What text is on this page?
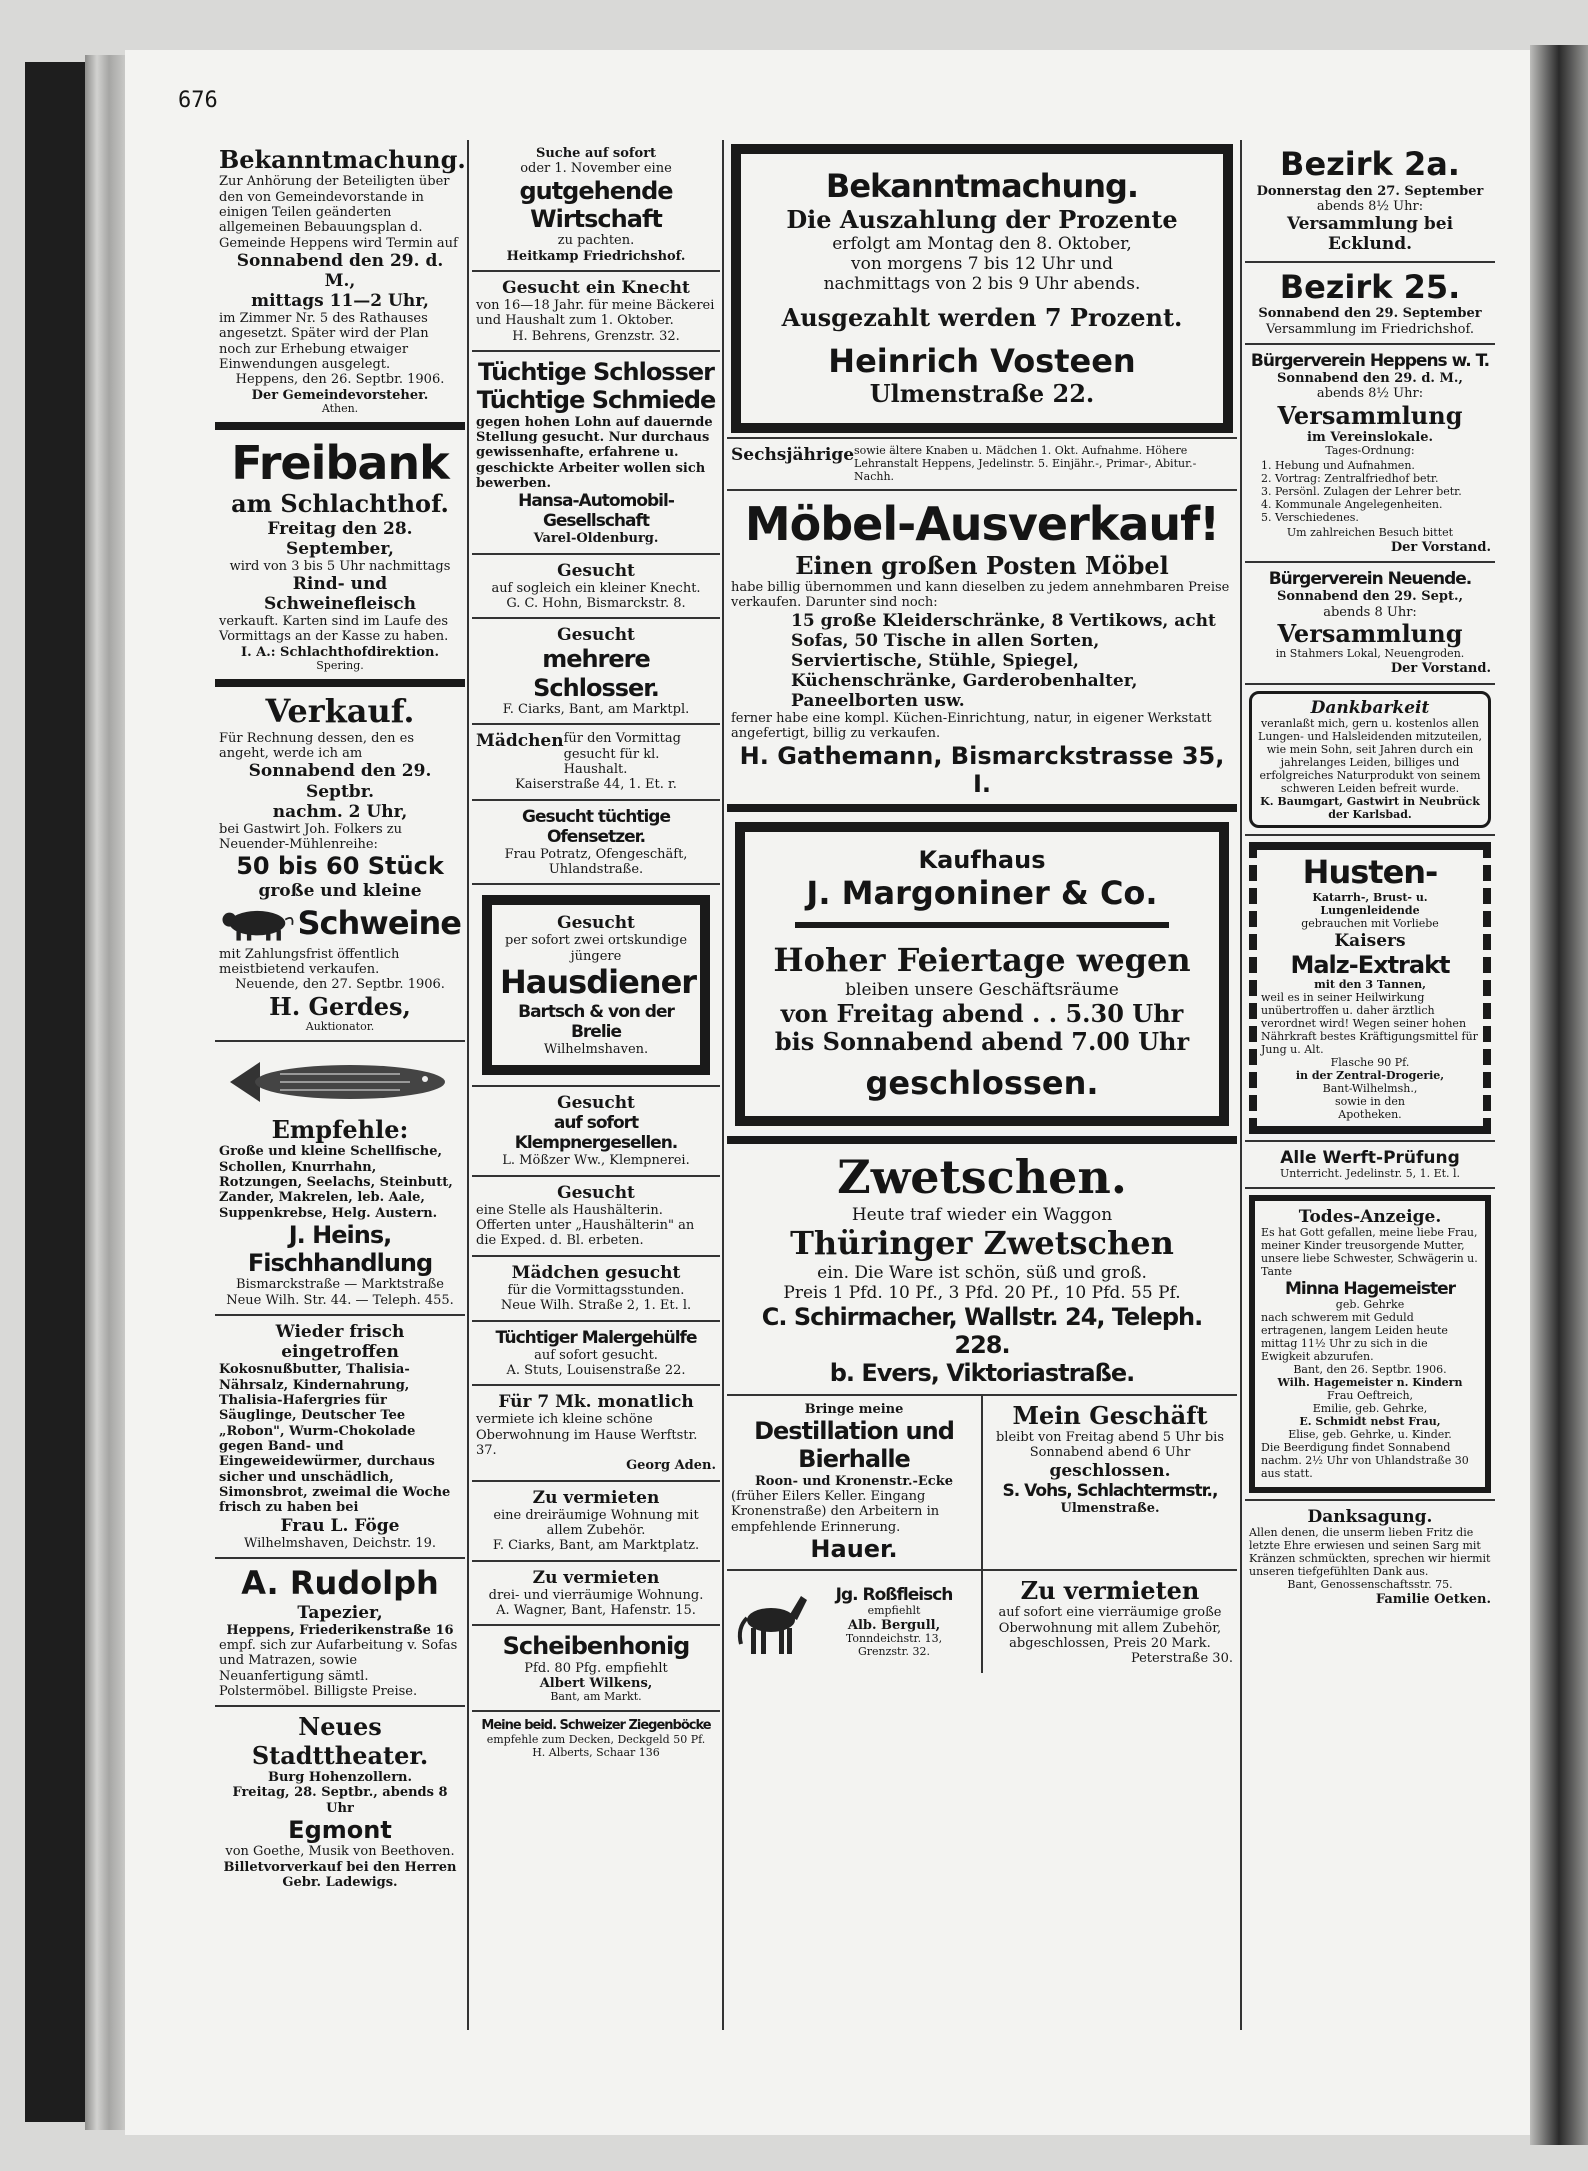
676
Bekanntmachung.
Zur Anhörung der Beteiligten über den von Gemeindevorstande in einigen Teilen geänderten allgemeinen Bebauungsplan d. Gemeinde Heppens wird Termin auf
Sonnabend den 29. d. M.,
mittags 11—2 Uhr,
im Zimmer Nr. 5 des Rathauses angesetzt. Später wird der Plan noch zur Erhebung etwaiger Einwendungen ausgelegt.
Heppens, den 26. Septbr. 1906.
Der Gemeindevorsteher.
Athen.
Freibank
am Schlachthof.
Freitag den 28. September,
wird von 3 bis 5 Uhr nachmittags
Rind- und Schweinefleisch
verkauft. Karten sind im Laufe des Vormittags an der Kasse zu haben.
I. A.: Schlachthofdirektion.
Spering.
Verkauf.
Für Rechnung dessen, den es angeht, werde ich am
Sonnabend den 29. Septbr.
nachm. 2 Uhr,
bei Gastwirt Joh. Folkers zu Neuender-Mühlenreihe:
50 bis 60 Stück
große und kleine
Schweine
mit Zahlungsfrist öffentlich meistbietend verkaufen.
Neuende, den 27. Septbr. 1906.
H. Gerdes,
Auktionator.
Empfehle:
Große und kleine Schellfische, Schollen, Knurrhahn, Rotzungen, Seelachs, Steinbutt, Zander, Makrelen, leb. Aale, Suppenkrebse, Helg. Austern.
J. Heins, Fischhandlung
Bismarckstraße — Marktstraße
Neue Wilh. Str. 44. — Teleph. 455.
Wieder frisch eingetroffen
Kokosnußbutter, Thalisia-Nährsalz, Kindernahrung, Thalisia-Hafergries für Säuglinge, Deutscher Tee „Robon", Wurm-Chokolade gegen Band- und Eingeweidewürmer, durchaus sicher und unschädlich, Simonsbrot, zweimal die Woche frisch zu haben bei
Frau L. Föge
Wilhelmshaven, Deichstr. 19.
A. Rudolph
Tapezier,
Heppens, Friederikenstraße 16
empf. sich zur Aufarbeitung v. Sofas und Matrazen, sowie Neuanfertigung sämtl. Polstermöbel. Billigste Preise.
Neues Stadttheater.
Burg Hohenzollern.
Freitag, 28. Septbr., abends 8 Uhr
Egmont
von Goethe, Musik von Beethoven.
Billetvorverkauf bei den Herren
Gebr. Ladewigs.
Suche auf sofort
oder 1. November eine
gutgehende Wirtschaft
zu pachten.
Heitkamp Friedrichshof.
Gesucht ein Knecht
von 16—18 Jahr. für meine Bäckerei und Haushalt zum 1. Oktober.
H. Behrens, Grenzstr. 32.
Tüchtige Schlosser
Tüchtige Schmiede
gegen hohen Lohn auf dauernde Stellung gesucht. Nur durchaus gewissenhafte, erfahrene u. geschickte Arbeiter wollen sich bewerben.
Hansa-Automobil-Gesellschaft
Varel-Oldenburg.
Gesucht
auf sogleich ein kleiner Knecht.
G. C. Hohn, Bismarckstr. 8.
Gesucht
mehrere Schlosser.
F. Ciarks, Bant, am Marktpl.
Mädchen für den Vormittag gesucht für kl. Haushalt.
Kaiserstraße 44, 1. Et. r.
Gesucht tüchtige Ofensetzer.
Frau Potratz, Ofengeschäft, Uhlandstraße.
Gesucht
per sofort zwei ortskundige jüngere
Hausdiener
Bartsch & von der Brelie
Wilhelmshaven.
Gesucht
auf sofort Klempnergesellen.
L. Mößzer Ww., Klempnerei.
Gesucht
eine Stelle als Haushälterin. Offerten unter „Haushälterin" an die Exped. d. Bl. erbeten.
Mädchen gesucht
für die Vormittagsstunden.
Neue Wilh. Straße 2, 1. Et. l.
Tüchtiger Malergehülfe
auf sofort gesucht.
A. Stuts, Louisenstraße 22.
Für 7 Mk. monatlich
vermiete ich kleine schöne Oberwohnung im Hause Werftstr. 37.
Georg Aden.
Zu vermieten
eine dreiräumige Wohnung mit allem Zubehör.
F. Ciarks, Bant, am Marktplatz.
Zu vermieten
drei- und vierräumige Wohnung.
A. Wagner, Bant, Hafenstr. 15.
Scheibenhonig
Pfd. 80 Pfg. empfiehlt
Albert Wilkens,
Bant, am Markt.
Meine beid. Schweizer Ziegenböcke
empfehle zum Decken, Deckgeld 50 Pf.
H. Alberts, Schaar 136
Bekanntmachung.
Die Auszahlung der Prozente
erfolgt am Montag den 8. Oktober,
von morgens 7 bis 12 Uhr und
nachmittags von 2 bis 9 Uhr abends.
Ausgezahlt werden 7 Prozent.
Heinrich Vosteen
Ulmenstraße 22.
Sechsjährige sowie ältere Knaben u. Mädchen 1. Okt. Aufnahme. Höhere Lehranstalt Heppens, Jedelinstr. 5. Einjähr.-, Primar-, Abitur.-Nachh.
Möbel-Ausverkauf!
Einen großen Posten Möbel
habe billig übernommen und kann dieselben zu jedem annehmbaren Preise verkaufen. Darunter sind noch:
15 große Kleiderschränke, 8 Vertikows, acht Sofas, 50 Tische in allen Sorten, Serviertische, Stühle, Spiegel, Küchenschränke, Garderobenhalter, Paneelborten usw.
ferner habe eine kompl. Küchen-Einrichtung, natur, in eigener Werkstatt angefertigt, billig zu verkaufen.
H. Gathemann, Bismarckstrasse 35, I.
Kaufhaus
J. Margoniner & Co.
Hoher Feiertage wegen
bleiben unsere Geschäftsräume
von Freitag abend . . 5.30 Uhr
bis Sonnabend abend 7.00 Uhr
geschlossen.
Zwetschen.
Heute traf wieder ein Waggon
Thüringer Zwetschen
ein. Die Ware ist schön, süß und groß.
Preis 1 Pfd. 10 Pf., 3 Pfd. 20 Pf., 10 Pfd. 55 Pf.
C. Schirmacher, Wallstr. 24, Teleph. 228.
b. Evers, Viktoriastraße.
Bringe meine
Destillation und Bierhalle
Roon- und Kronenstr.-Ecke
(früher Eilers Keller. Eingang Kronenstraße) den Arbeitern in empfehlende Erinnerung.
Hauer.
Mein Geschäft
bleibt von Freitag abend 5 Uhr bis Sonnabend abend 6 Uhr
geschlossen.
S. Vohs, Schlachtermstr.,
Ulmenstraße.
Jg. Roßfleisch
empfiehlt
Alb. Bergull,
Tonndeichstr. 13,
Grenzstr. 32.
Zu vermieten
auf sofort eine vierräumige große Oberwohnung mit allem Zubehör, abgeschlossen, Preis 20 Mark.
Peterstraße 30.
Bezirk 2a.
Donnerstag den 27. September
abends 8½ Uhr:
Versammlung bei Ecklund.
Bezirk 25.
Sonnabend den 29. September
Versammlung im Friedrichshof.
Bürgerverein Heppens w. T.
Sonnabend den 29. d. M.,
abends 8½ Uhr:
Versammlung
im Vereinslokale.
Tages-Ordnung:
1. Hebung und Aufnahmen.
2. Vortrag: Zentralfriedhof betr.
3. Persönl. Zulagen der Lehrer betr.
4. Kommunale Angelegenheiten.
5. Verschiedenes.
Um zahlreichen Besuch bittet
Der Vorstand.
Bürgerverein Neuende.
Sonnabend den 29. Sept.,
abends 8 Uhr:
Versammlung
in Stahmers Lokal, Neuengroden.
Der Vorstand.
Dankbarkeit
veranlaßt mich, gern u. kostenlos allen Lungen- und Halsleidenden mitzuteilen, wie mein Sohn, seit Jahren durch ein jahrelanges Leiden, billiges und erfolgreiches Naturprodukt von seinem schweren Leiden befreit wurde.
K. Baumgart, Gastwirt in Neubrück der Karlsbad.
Husten-
Katarrh-, Brust- u. Lungenleidende
gebrauchen mit Vorliebe
Kaisers
Malz-Extrakt
mit den 3 Tannen,
weil es in seiner Heilwirkung unübertroffen u. daher ärztlich verordnet wird! Wegen seiner hohen Nährkraft bestes Kräftigungsmittel für Jung u. Alt.
Flasche 90 Pf.
in der Zentral-Drogerie,
Bant-Wilhelmsh.,
sowie in den
Apotheken.
Alle Werft-Prüfung
Unterricht. Jedelinstr. 5, 1. Et. l.
Todes-Anzeige.
Es hat Gott gefallen, meine liebe Frau, meiner Kinder treusorgende Mutter, unsere liebe Schwester, Schwägerin u. Tante
Minna Hagemeister
geb. Gehrke
nach schwerem mit Geduld ertragenen, langem Leiden heute mittag 11½ Uhr zu sich in die Ewigkeit abzurufen.
Bant, den 26. Septbr. 1906.
Wilh. Hagemeister n. Kindern
Frau Oeftreich,
Emilie, geb. Gehrke,
E. Schmidt nebst Frau,
Elise, geb. Gehrke, u. Kinder.
Die Beerdigung findet Sonnabend nachm. 2½ Uhr von Uhlandstraße 30 aus statt.
Danksagung.
Allen denen, die unserm lieben Fritz die letzte Ehre erwiesen und seinen Sarg mit Kränzen schmückten, sprechen wir hiermit unseren tiefgefühlten Dank aus.
Bant, Genossenschaftsstr. 75.
Familie Oetken.
